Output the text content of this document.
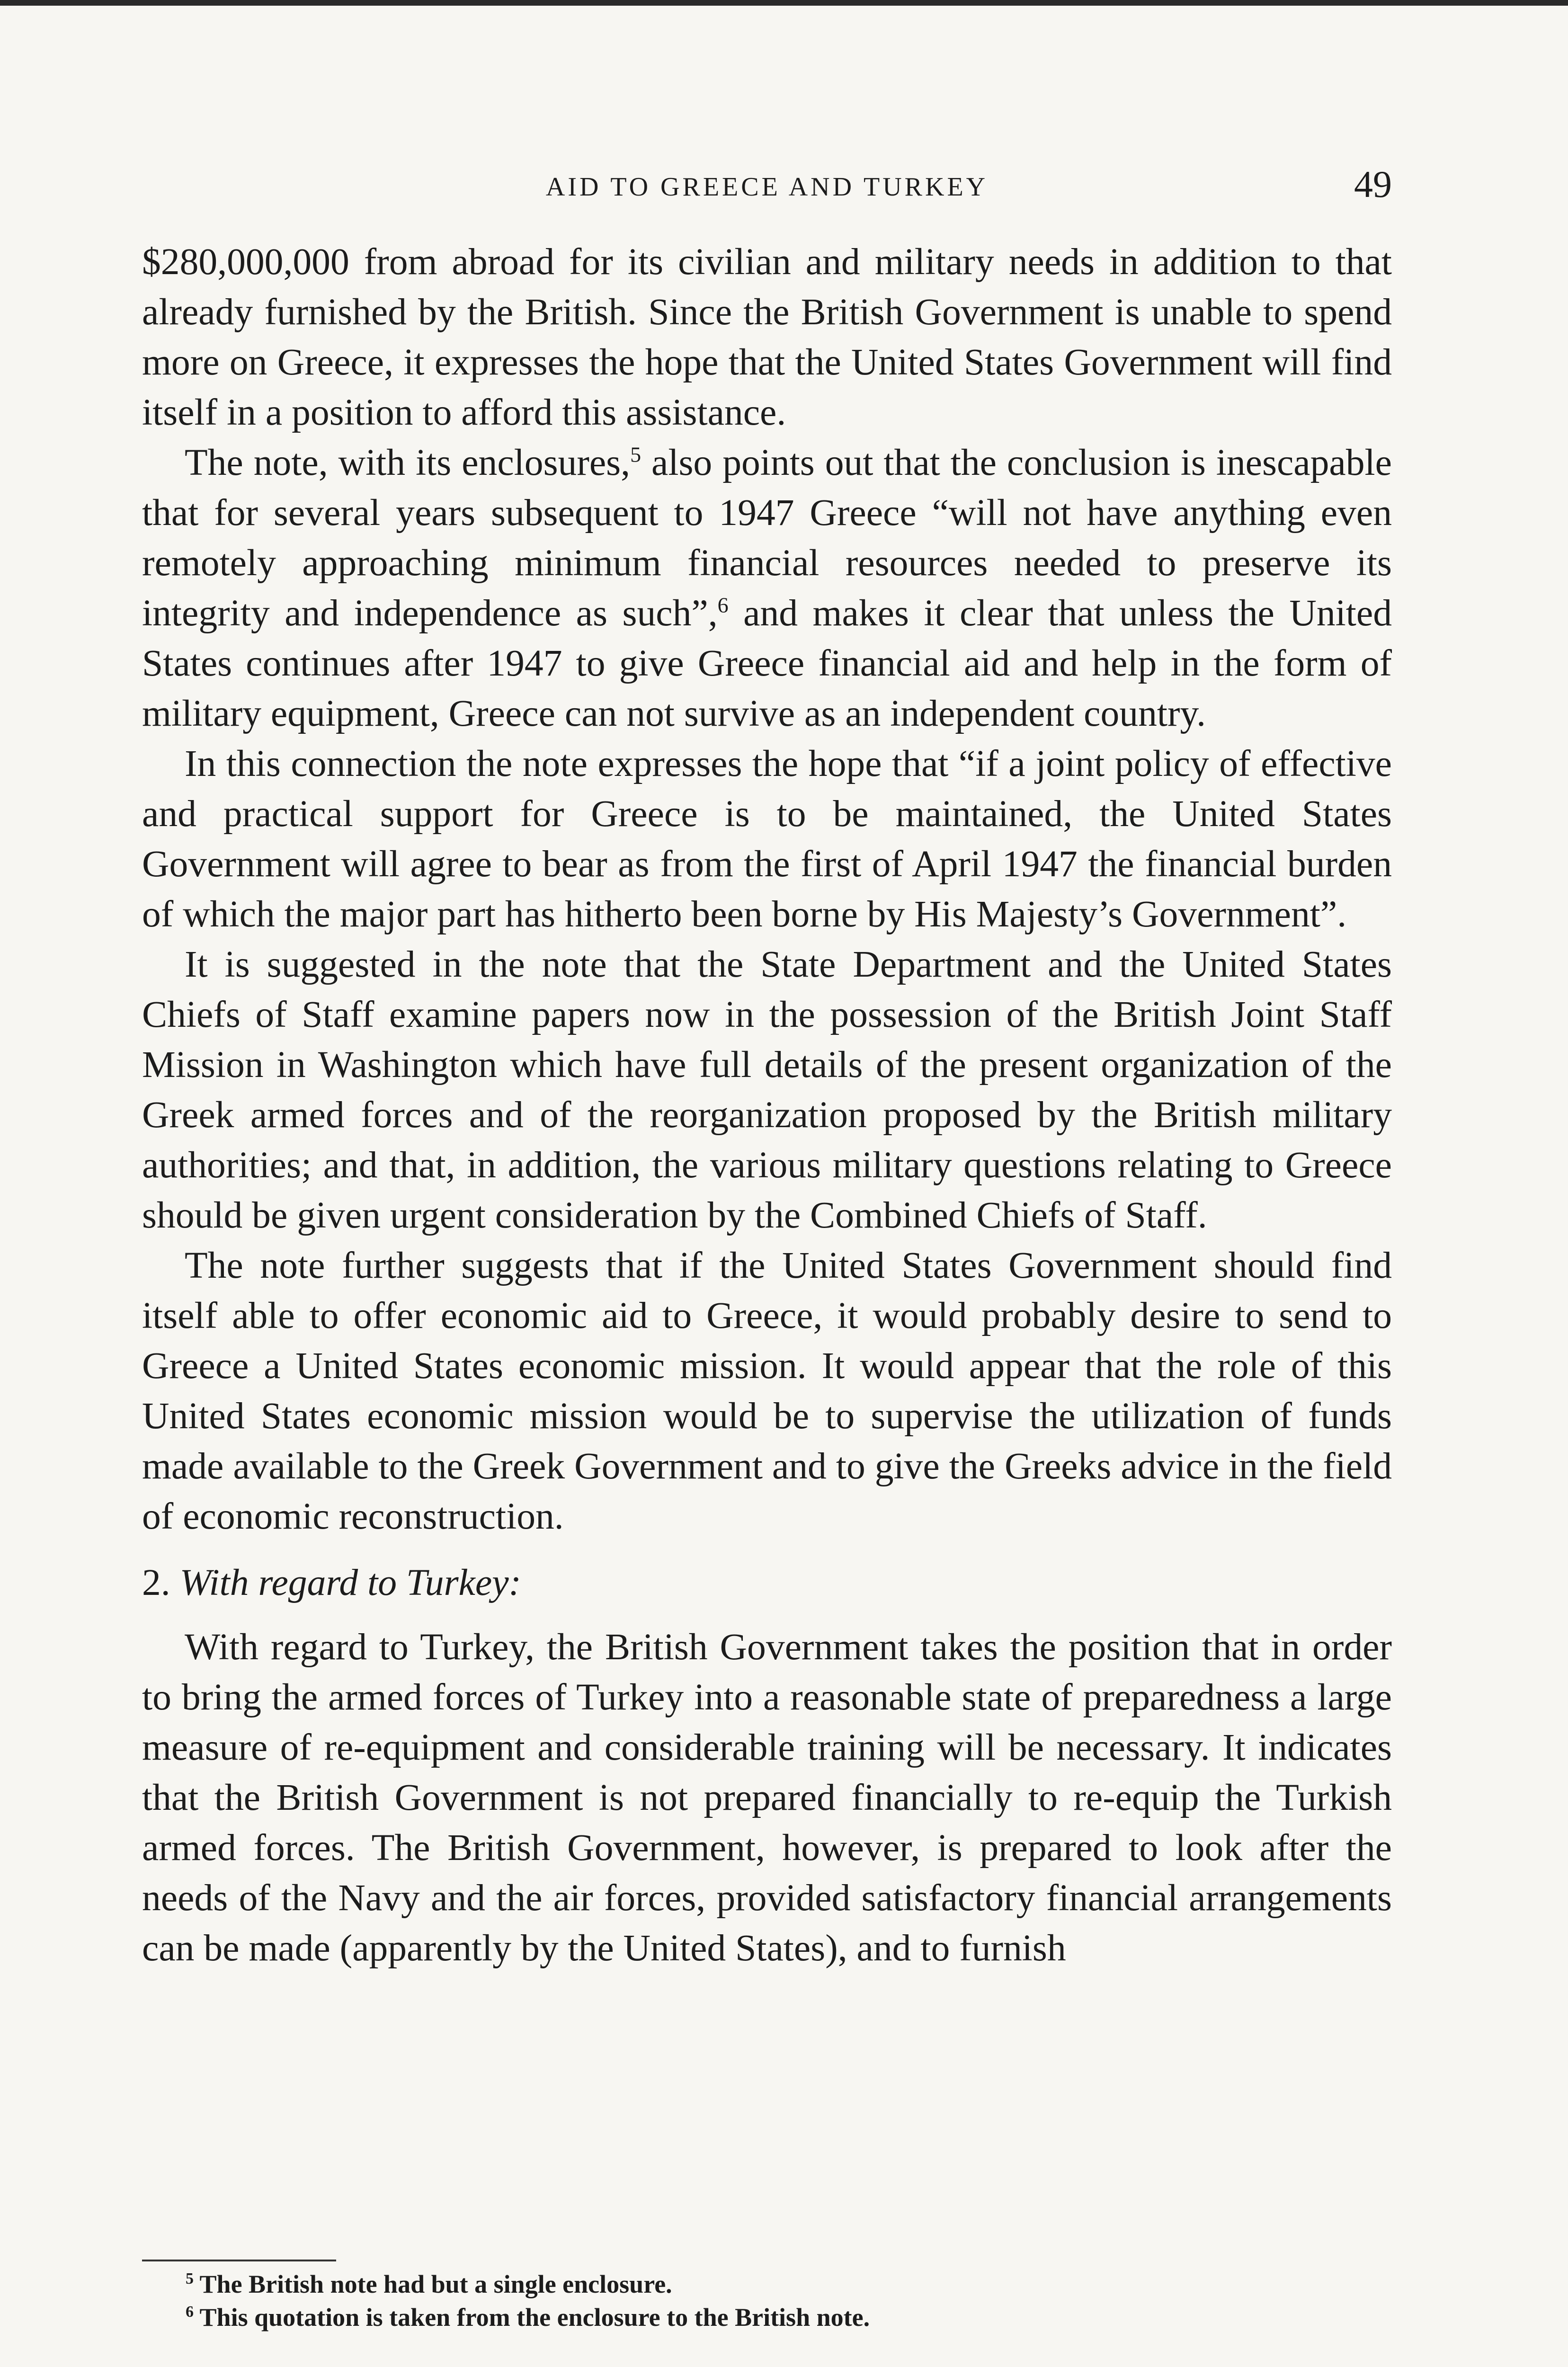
AID TO GREECE AND TURKEY	49

$280,000,000 from abroad for its civilian and military needs in addition to that already furnished by the British. Since the British Government is unable to spend more on Greece, it expresses the hope that the United States Government will find itself in a position to afford this assistance.

The note, with its enclosures,$^5$ also points out that the conclusion is inescapable that for several years subsequent to 1947 Greece “will not have anything even remotely approaching minimum financial resources needed to preserve its integrity and independence as such”,$^6$ and makes it clear that unless the United States continues after 1947 to give Greece financial aid and help in the form of military equipment, Greece can not survive as an independent country.

In this connection the note expresses the hope that “if a joint policy of effective and practical support for Greece is to be maintained, the United States Government will agree to bear as from the first of April 1947 the financial burden of which the major part has hitherto been borne by His Majesty’s Government”.

It is suggested in the note that the State Department and the United States Chiefs of Staff examine papers now in the possession of the British Joint Staff Mission in Washington which have full details of the present organization of the Greek armed forces and of the reorganization proposed by the British military authorities; and that, in addition, the various military questions relating to Greece should be given urgent consideration by the Combined Chiefs of Staff.

The note further suggests that if the United States Government should find itself able to offer economic aid to Greece, it would probably desire to send to Greece a United States economic mission. It would appear that the role of this United States economic mission would be to supervise the utilization of funds made available to the Greek Government and to give the Greeks advice in the field of economic reconstruction.

2. With regard to Turkey:

With regard to Turkey, the British Government takes the position that in order to bring the armed forces of Turkey into a reasonable state of preparedness a large measure of re-equipment and considerable training will be necessary. It indicates that the British Government is not prepared financially to re-equip the Turkish armed forces. The British Government, however, is prepared to look after the needs of the Navy and the air forces, provided satisfactory financial arrangements can be made (apparently by the United States), and to furnish

$^5$ The British note had but a single enclosure.

$^6$ This quotation is taken from the enclosure to the British note.
